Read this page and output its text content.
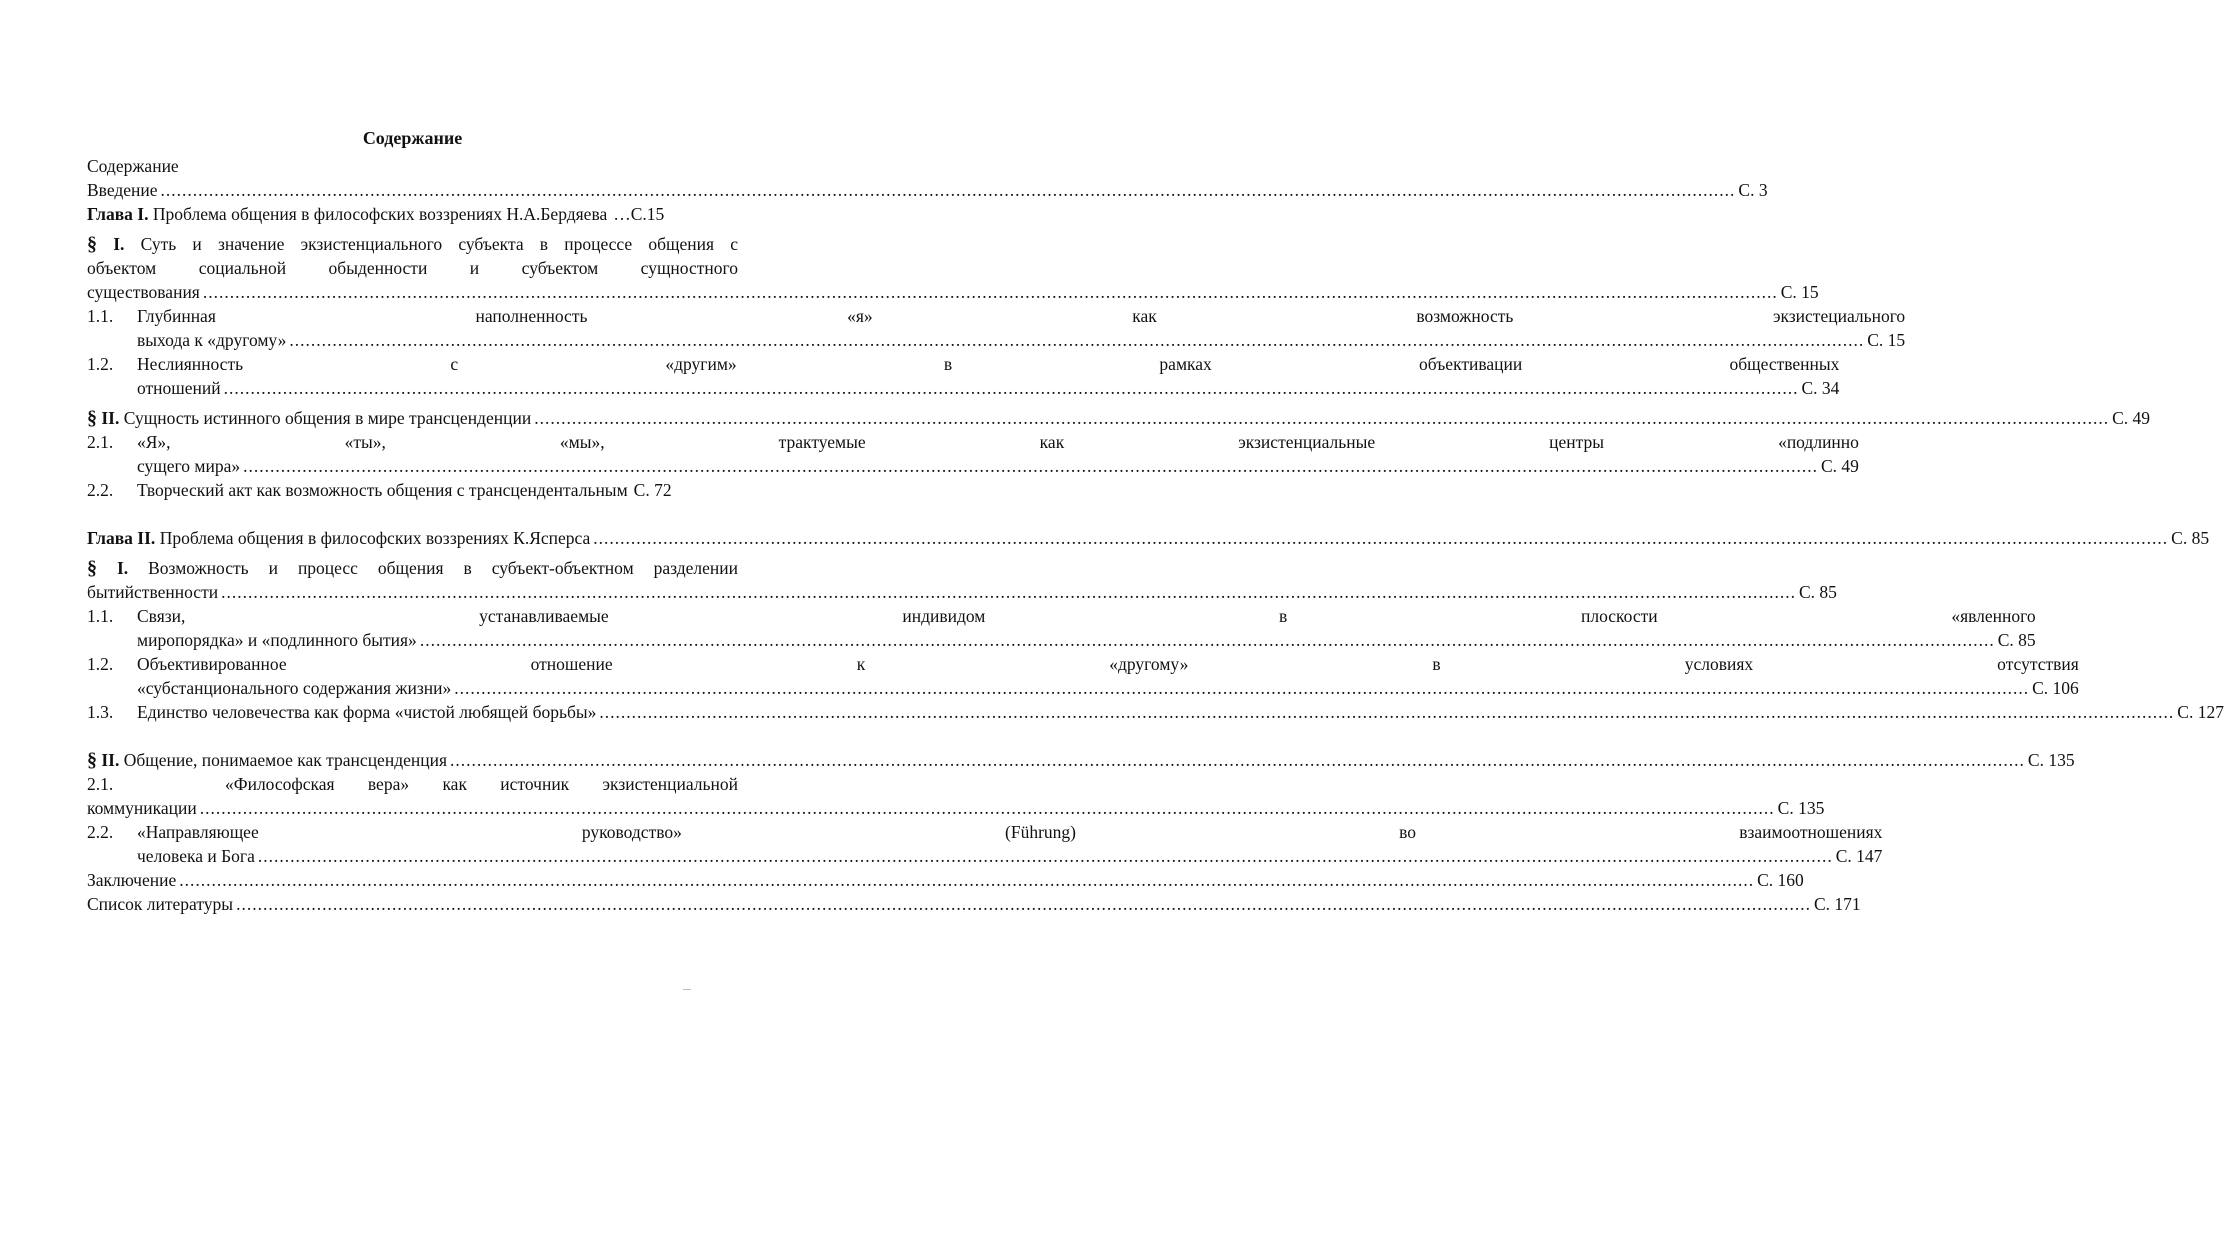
Содержание
Содержание
Введение .....	С. 3
Глава I. Проблема общения в философских воззрениях Н.А.Бердяева …С.15
§ I. Суть и значение экзистенциального субъекта в процессе общения с
объектом социальной обыденности и субъектом сущностного
существования .....	С. 15
1.1.	Глубинная наполненность «я» как возможность экзистециального
выхода к «другому» .....	С. 15
1.2.	Неслиянность с «другим» в рамках объективации общественных
отношений .....	С. 34
§ II. Сущность истинного общения в мире трансценденции .....	С. 49
2.1.	«Я», «ты», «мы», трактуемые как экзистенциальные центры «подлинно
сущего мира» .....	С. 49
2.2.	Творческий акт как возможность общения с трансцендентальным С. 72
Глава II. Проблема общения в философских воззрениях К.Ясперса .....	С. 85
§ I. Возможность и процесс общения в субъект-объектном разделении
бытийственности .....	С. 85
1.1.	Связи, устанавливаемые индивидом в плоскости «явленного
миропорядка» и «подлинного бытия» .....	С. 85
1.2.	Объективированное отношение к «другому» в условиях отсутствия
«субстанционального содержания жизни» .....	С. 106
1.3.	Единство человечества как форма «чистой любящей борьбы» .....	С. 127
§ II. Общение, понимаемое как трансценденция .....	С. 135
2.1.	«Философская вера» как источник экзистенциальной
коммуникации .....	С. 135
2.2.	«Направляющее руководство» (Führung) во взаимоотношениях
человека и Бога .....	С. 147
Заключение .....	С. 160
Список литературы .....	С. 171
